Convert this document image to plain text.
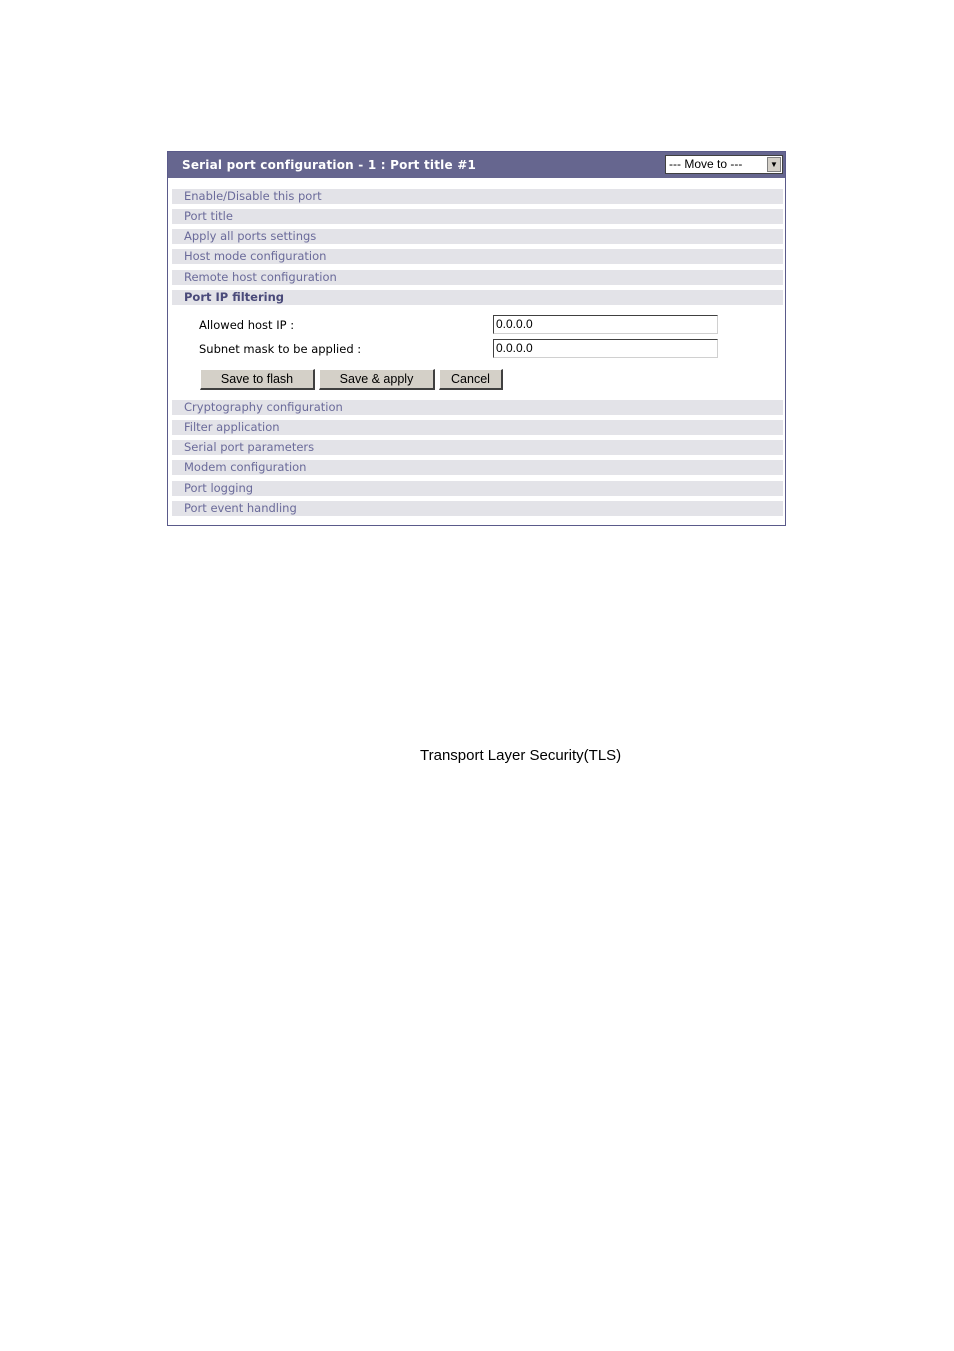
Serial port configuration - 1 : Port title #1	--- Move to ---	▼
Enable/Disable this port
Port title
Apply all ports settings
Host mode configuration
Remote host configuration
Port IP filtering
Allowed host IP :	0.0.0.0
Subnet mask to be applied :	0.0.0.0
Save to flash	Save & apply	Cancel
Cryptography configuration
Filter application
Serial port parameters
Modem configuration
Port logging
Port event handling
Transport Layer Security(TLS)
